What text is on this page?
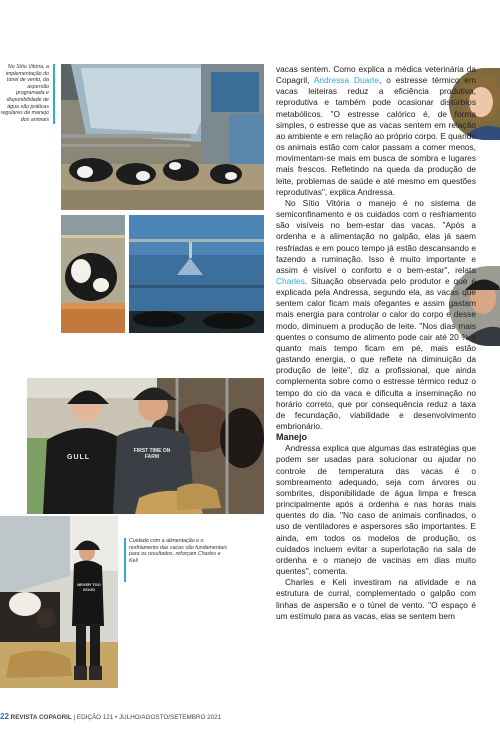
No Sítio Vitória, a implementação do túnel de vento, da aspersão programada e disponibilidade de água são práticas regulares de manejo dos animais
GULL
FIRST TIME ON FARM
Cuidado com a alimentação e o resfriamento das vacas são fundamentais para os resultados, reforçam Charles e Keli
NEVER TOO GOOD

vacas sentem. Como explica a médica veterinária da Copagril, Andressa Duarte, o estresse térmico em vacas leiteiras reduz a eficiência produtiva, reprodutiva e também pode ocasionar distúrbios metabólicos. "O estresse calórico é, de forma simples, o estresse que as vacas sentem em relação ao ambiente e em relação ao próprio corpo. E quando os animais estão com calor passam a comer menos, movimentam-se mais em busca de sombra e lugares mais frescos. Refletindo na queda da produção de leite, problemas de saúde e até mesmo em questões reprodutivas", explica Andressa.

No Sítio Vitória o manejo é no sistema de semiconfinamento e os cuidados com o resfriamento são visíveis no bem-estar das vacas. "Após a ordenha e a alimentação no galpão, elas já saem resfriadas e em pouco tempo já estão descansando e fazendo a ruminação. Isso é muito importante e assim é visível o conforto e o bem-estar", relata Charles. Situação observada pelo produtor e que é explicada pela Andressa, segundo ela, as vacas que sentem calor ficam mais ofegantes e assim gastam mais energia para controlar o calor do corpo e desse modo, diminuem a produção de leite. "Nos dias mais quentes o consumo de alimento pode cair até 20 % e quanto mais tempo ficam em pé, mais estão gastando energia, o que reflete na diminuição da produção de leite", diz a profissional, que ainda complementa sobre como o estresse térmico reduz o tempo do cio da vaca e dificulta a inseminação no horário correto, que por consequência reduz a taxa de fecundação, viabilidade e desenvolvimento embrionário.

Manejo

Andressa explica que algumas das estratégias que podem ser usadas para solucionar ou ajudar no controle de temperatura das vacas é o sombreamento adequado, seja com árvores ou sombrites, disponibilidade de água limpa e fresca principalmente após a ordenha e nas horas mais quentes do dia. "No caso de animais confinados, o uso de ventiladores e aspersores são importantes. E ainda, em todos os modelos de produção, os cuidados incluem evitar a superlotação na sala de ordenha e o manejo de vacinas em dias muito quentes", comenta.

Charles e Keli investiram na atividade e na estrutura de curral, complementado o galpão com linhas de aspersão e o túnel de vento. "O espaço é um estímulo para as vacas, elas se sentem bem

22 REVISTA COPAGRIL | EDIÇÃO 121 • JULHO/AGOSTO/SETEMBRO 2021
